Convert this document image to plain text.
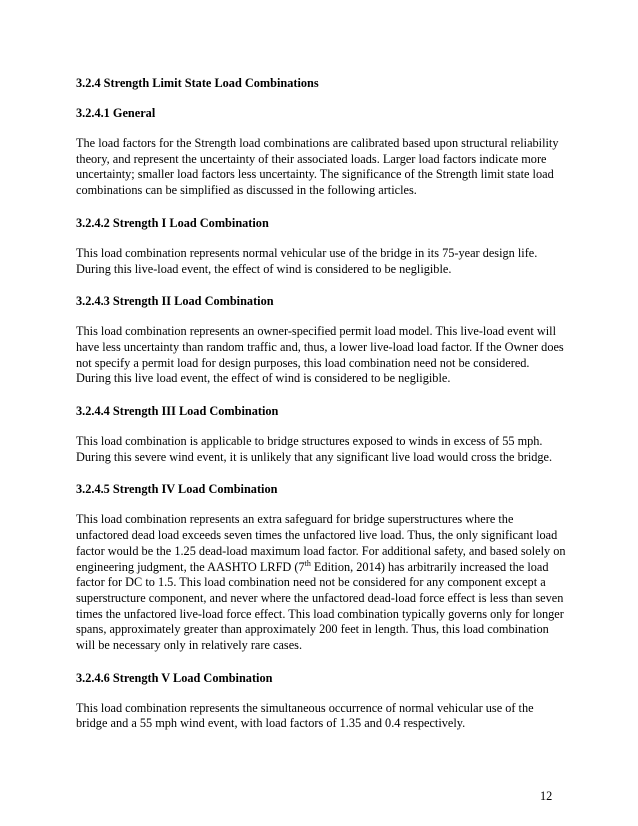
3.2.4 Strength Limit State Load Combinations
3.2.4.1 General

The load factors for the Strength load combinations are calibrated based upon structural reliability theory, and represent the uncertainty of their associated loads. Larger load factors indicate more uncertainty; smaller load factors less uncertainty. The significance of the Strength limit state load combinations can be simplified as discussed in the following articles.

3.2.4.2 Strength I Load Combination

This load combination represents normal vehicular use of the bridge in its 75-year design life. During this live-load event, the effect of wind is considered to be negligible.

3.2.4.3 Strength II Load Combination

This load combination represents an owner-specified permit load model. This live-load event will have less uncertainty than random traffic and, thus, a lower live-load load factor. If the Owner does not specify a permit load for design purposes, this load combination need not be considered. During this live load event, the effect of wind is considered to be negligible.

3.2.4.4 Strength III Load Combination

This load combination is applicable to bridge structures exposed to winds in excess of 55 mph. During this severe wind event, it is unlikely that any significant live load would cross the bridge.

3.2.4.5 Strength IV Load Combination

This load combination represents an extra safeguard for bridge superstructures where the unfactored dead load exceeds seven times the unfactored live load. Thus, the only significant load factor would be the 1.25 dead-load maximum load factor. For additional safety, and based solely on engineering judgment, the AASHTO LRFD (7th Edition, 2014) has arbitrarily increased the load factor for DC to 1.5. This load combination need not be considered for any component except a superstructure component, and never where the unfactored dead-load force effect is less than seven times the unfactored live-load force effect. This load combination typically governs only for longer spans, approximately greater than approximately 200 feet in length. Thus, this load combination will be necessary only in relatively rare cases.

3.2.4.6 Strength V Load Combination

This load combination represents the simultaneous occurrence of normal vehicular use of the bridge and a 55 mph wind event, with load factors of 1.35 and 0.4 respectively.

12
